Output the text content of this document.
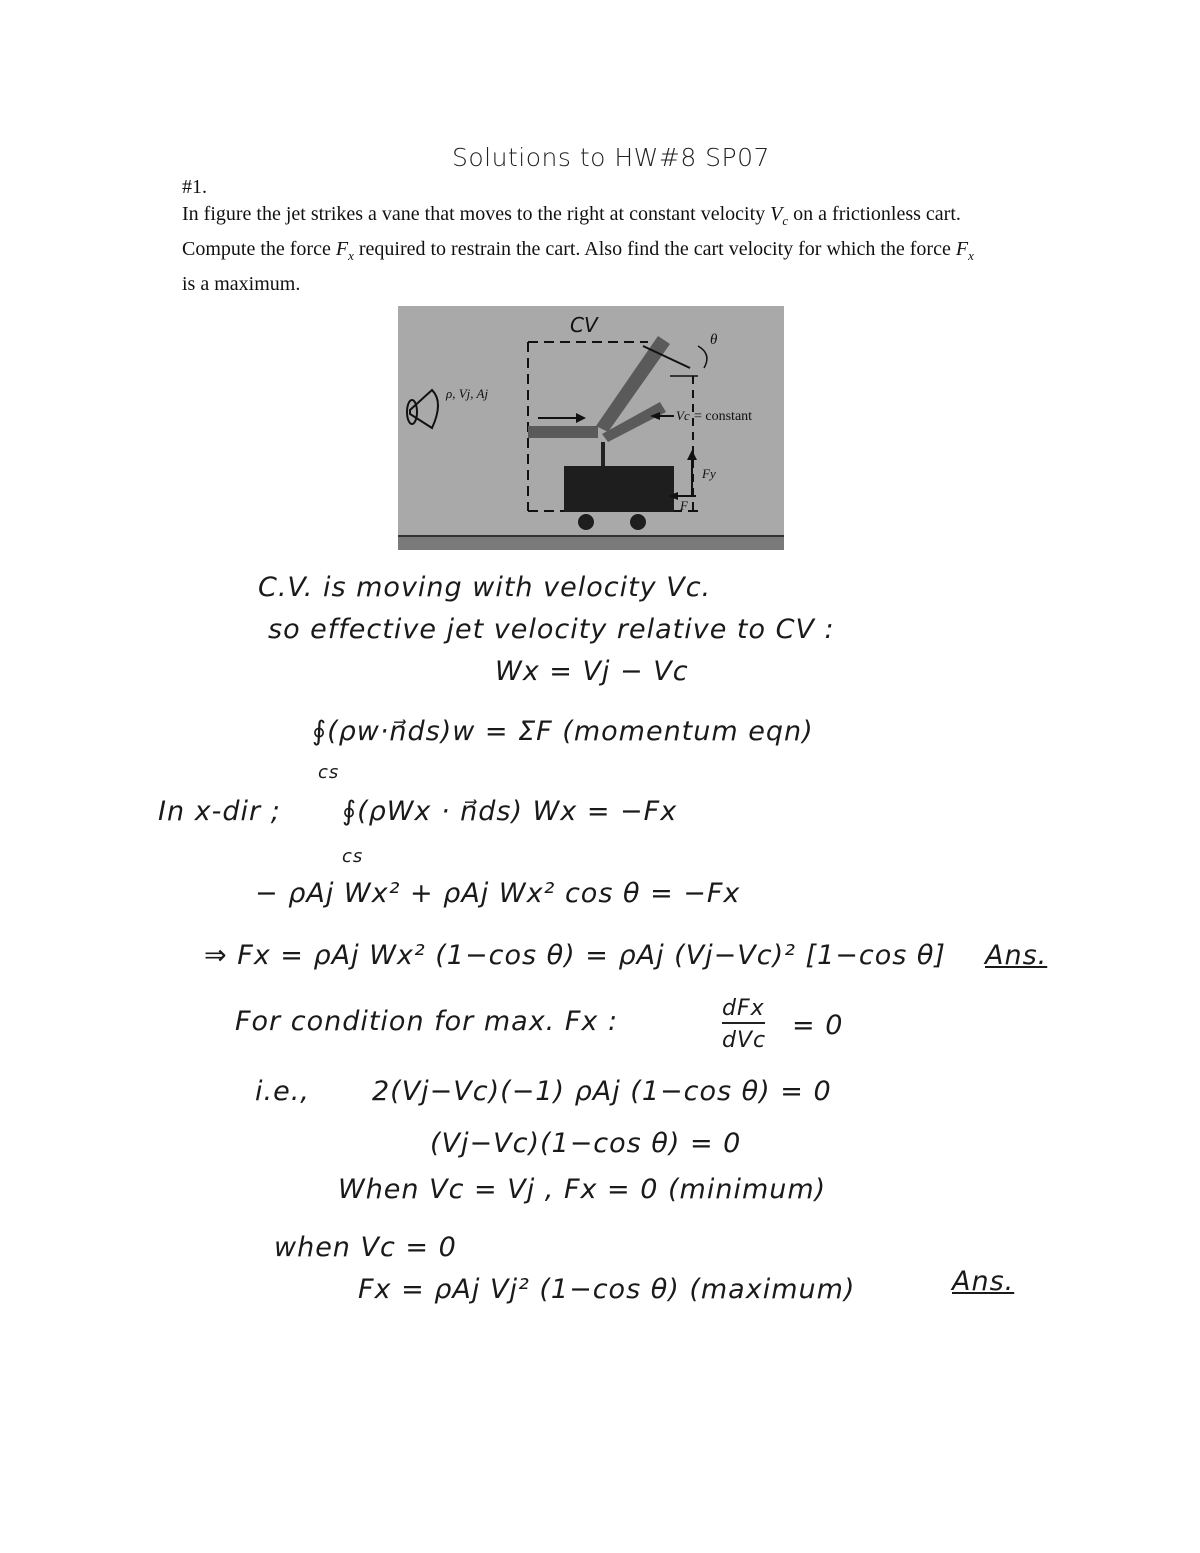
Solutions to HW#8 SP07
#1.
In figure the jet strikes a vane that moves to the right at constant velocity $V_c$ on a frictionless cart. Compute the force $F_x$ required to restrain the cart. Also find the cart velocity for which the force $F_x$ is a maximum.
CV
θ
ρ, Vj, Aj
Vc = constant
Fy
F
C.V. is moving with velocity Vc.
so effective jet velocity relative to CV :
Wx = Vj − Vc
∮(ρw·n⃗ds)w = ΣF (momentum eqn)
cs
In x-dir ; ∮(ρWx · n⃗ds) Wx = −Fx
cs
− ρAj Wx² + ρAj Wx² cos θ = −Fx
⇒ Fx = ρAj Wx² (1−cos θ) = ρAj (Vj−Vc)² [1−cos θ] Ans.
For condition for max. Fx :	dFx
dVc = 0
i.e., 2(Vj−Vc)(−1) ρAj (1−cos θ) = 0
(Vj−Vc)(1−cos θ) = 0
When Vc = Vj , Fx = 0 (minimum)
when Vc = 0
Fx = ρAj Vj² (1−cos θ) (maximum)	Ans.
